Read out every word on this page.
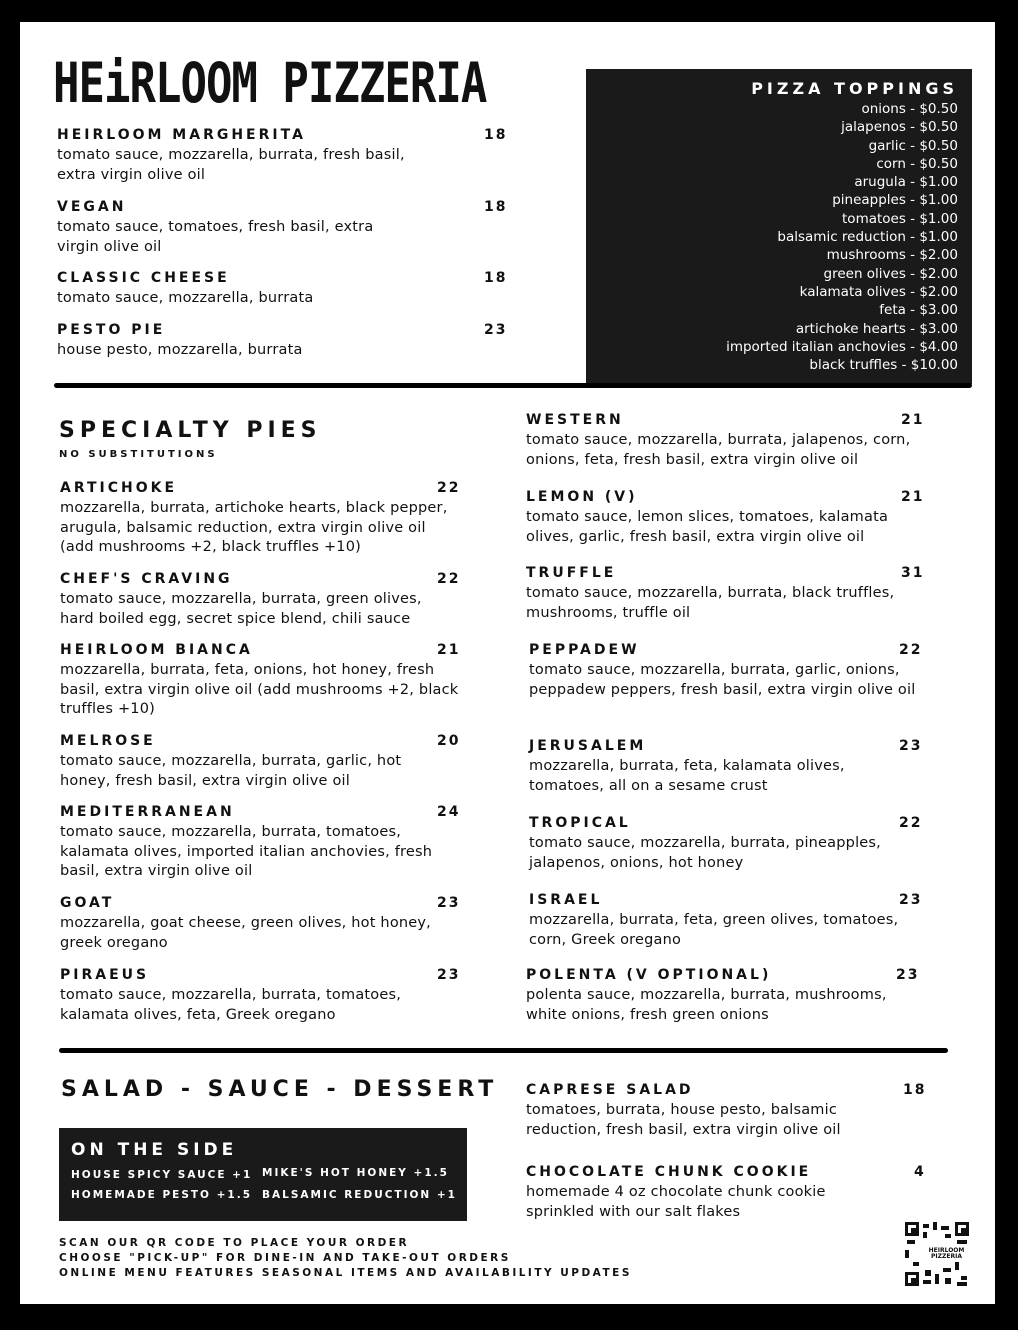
HEiRLOOM PIZZERIA	PIZZA TOPPINGS
onions - $0.50
jalapenos - $0.50
garlic - $0.50
corn - $0.50
arugula - $1.00
pineapples - $1.00
tomatoes - $1.00
balsamic reduction - $1.00
mushrooms - $2.00
green olives - $2.00
kalamata olives - $2.00
feta - $3.00
artichoke hearts - $3.00
imported italian anchovies - $4.00
black truffles - $10.00
HEIRLOOM MARGHERITA	18
tomato sauce, mozzarella, burrata, fresh basil, extra virgin olive oil
VEGAN	18
tomato sauce, tomatoes, fresh basil, extra virgin olive oil
CLASSIC CHEESE	18
tomato sauce, mozzarella, burrata
PESTO PIE	23
house pesto, mozzarella, burrata
SPECIALTY PIES
NO SUBSTITUTIONS
ARTICHOKE	22
mozzarella, burrata, artichoke hearts, black pepper, arugula, balsamic reduction, extra virgin olive oil (add mushrooms +2, black truffles +10)
CHEF'S CRAVING	22
tomato sauce, mozzarella, burrata, green olives, hard boiled egg, secret spice blend, chili sauce
HEIRLOOM BIANCA	21
mozzarella, burrata, feta, onions, hot honey, fresh basil, extra virgin olive oil (add mushrooms +2, black truffles +10)
MELROSE	20
tomato sauce, mozzarella, burrata, garlic, hot honey, fresh basil, extra virgin olive oil
MEDITERRANEAN	24
tomato sauce, mozzarella, burrata, tomatoes, kalamata olives, imported italian anchovies, fresh basil, extra virgin olive oil
GOAT	23
mozzarella, goat cheese, green olives, hot honey, greek oregano
PIRAEUS	23
tomato sauce, mozzarella, burrata, tomatoes, kalamata olives, feta, Greek oregano
WESTERN	21
tomato sauce, mozzarella, burrata, jalapenos, corn, onions, feta, fresh basil, extra virgin olive oil
LEMON (V)	21
tomato sauce, lemon slices, tomatoes, kalamata olives, garlic, fresh basil, extra virgin olive oil
TRUFFLE	31
tomato sauce, mozzarella, burrata, black truffles, mushrooms, truffle oil
PEPPADEW	22
tomato sauce, mozzarella, burrata, garlic, onions, peppadew peppers, fresh basil, extra virgin olive oil
JERUSALEM	23
mozzarella, burrata, feta, kalamata olives, tomatoes, all on a sesame crust
TROPICAL	22
tomato sauce, mozzarella, burrata, pineapples, jalapenos, onions, hot honey
ISRAEL	23
mozzarella, burrata, feta, green olives, tomatoes, corn, Greek oregano
POLENTA (V OPTIONAL)	23
polenta sauce, mozzarella, burrata, mushrooms, white onions, fresh green onions
SALAD - SAUCE - DESSERT CAPRESE SALAD	18
tomatoes, burrata, house pesto, balsamic reduction, fresh basil, extra virgin olive oil
CHOCOLATE CHUNK COOKIE	4
homemade 4 oz chocolate chunk cookie sprinkled with our salt flakes
ON THE SIDE
HOUSE SPICY SAUCE +1
HOMEMADE PESTO +1.5
MIKE'S HOT HONEY +1.5
BALSAMIC REDUCTION +1
SCAN OUR QR CODE TO PLACE YOUR ORDER
CHOOSE "PICK-UP" FOR DINE-IN AND TAKE-OUT ORDERS
ONLINE MENU FEATURES SEASONAL ITEMS AND AVAILABILITY UPDATES
HEIRLOOM PIZZERIA
